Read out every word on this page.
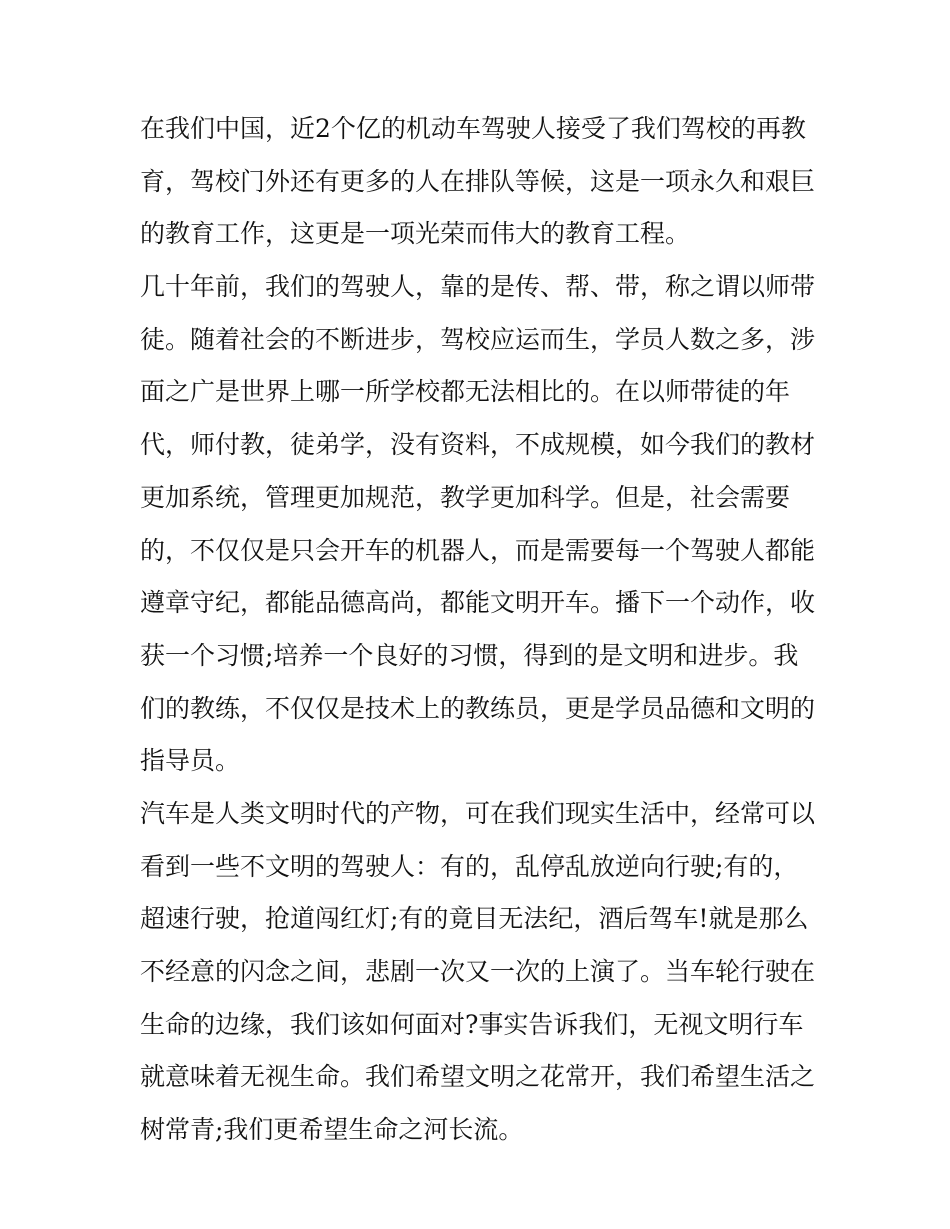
在我们中国，近2个亿的机动车驾驶人接受了我们驾校的再教
育，驾校门外还有更多的人在排队等候，这是一项永久和艰巨
的教育工作，这更是一项光荣而伟大的教育工程。
几十年前，我们的驾驶人，靠的是传、帮、带，称之谓以师带
徒。随着社会的不断进步，驾校应运而生，学员人数之多，涉
面之广是世界上哪一所学校都无法相比的。在以师带徒的年
代，师付教，徒弟学，没有资料，不成规模，如今我们的教材
更加系统，管理更加规范，教学更加科学。但是，社会需要
的，不仅仅是只会开车的机器人，而是需要每一个驾驶人都能
遵章守纪，都能品德高尚，都能文明开车。播下一个动作，收
获一个习惯;培养一个良好的习惯，得到的是文明和进步。我
们的教练，不仅仅是技术上的教练员，更是学员品德和文明的
指导员。
汽车是人类文明时代的产物，可在我们现实生活中，经常可以
看到一些不文明的驾驶人：有的，乱停乱放逆向行驶;有的，
超速行驶，抢道闯红灯;有的竟目无法纪，酒后驾车!就是那么
不经意的闪念之间，悲剧一次又一次的上演了。当车轮行驶在
生命的边缘，我们该如何面对?事实告诉我们，无视文明行车
就意味着无视生命。我们希望文明之花常开，我们希望生活之
树常青;我们更希望生命之河长流。
